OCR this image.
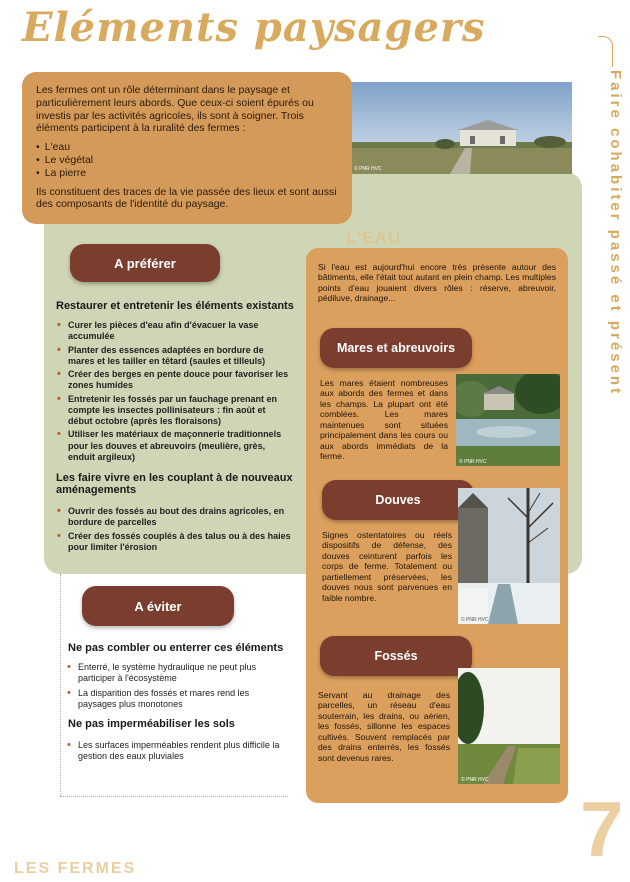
Eléments paysagers
Faire cohabiter passé et présent
© PNR HVC

Les fermes ont un rôle déterminant dans le paysage et particulièrement leurs abords. Que ceux-ci soient épurés ou investis par les activités agricoles, ils sont à soigner. Trois éléments participent à la ruralité des fermes :

• L'eau
• Le végétal
• La pierre

Ils constituent des traces de la vie passée des lieux et sont aussi des composants de l'identité du paysage.

A préférer
Restaurer et entretenir les éléments existants
• Curer les pièces d'eau afin d'évacuer la vase accumulée
• Planter des essences adaptées en bordure de mares et les tailler en têtard (saules et tilleuls)
• Créer des berges en pente douce pour favoriser les zones humides
• Entretenir les fossés par un fauchage prenant en compte les insectes pollinisateurs : fin août et début octobre (après les floraisons)
• Utiliser les matériaux de maçonnerie traditionnels pour les douves et abreuvoirs (meulière, grès, enduit argileux)
Les faire vivre en les couplant à de nouveaux aménagements
• Ouvrir des fossés au bout des drains agricoles, en bordure de parcelles
• Créer des fossés couplés à des talus ou à des haies pour limiter l'érosion
A éviter
Ne pas combler ou enterrer ces éléments
• Enterré, le système hydraulique ne peut plus participer à l'écosystème
• La disparition des fossés et mares rend les paysages plus monotones
Ne pas imperméabiliser les sols
• Les surfaces imperméables rendent plus difficile la gestion des eaux pluviales
L'EAU
Si l'eau est aujourd'hui encore très présente autour des bâtiments, elle l'était tout autant en plein champ. Les multiples points d'eau jouaient divers rôles : réserve, abreuvoir, pédiluve, drainage...
Mares et abreuvoirs
Les mares étaient nombreuses aux abords des fermes et dans les champs. La plupart ont été comblées. Les mares maintenues sont situées principalement dans les cours ou aux abords immédiats de la ferme.
© PNR HVC
Douves
Signes ostentatoires ou réels dispositifs de défense, des douves ceinturent parfois les corps de ferme. Totalement ou partiellement préservées, les douves nous sont parvenues en faible nombre.
© PNR HVC
Fossés
Servant au drainage des parcelles, un réseau d'eau souterrain, les drains, ou aérien, les fossés, sillonne les espaces cultivés. Souvent remplacés par des drains enterrés, les fossés sont devenus rares.
© PNR HVC
LES FERMES	7
